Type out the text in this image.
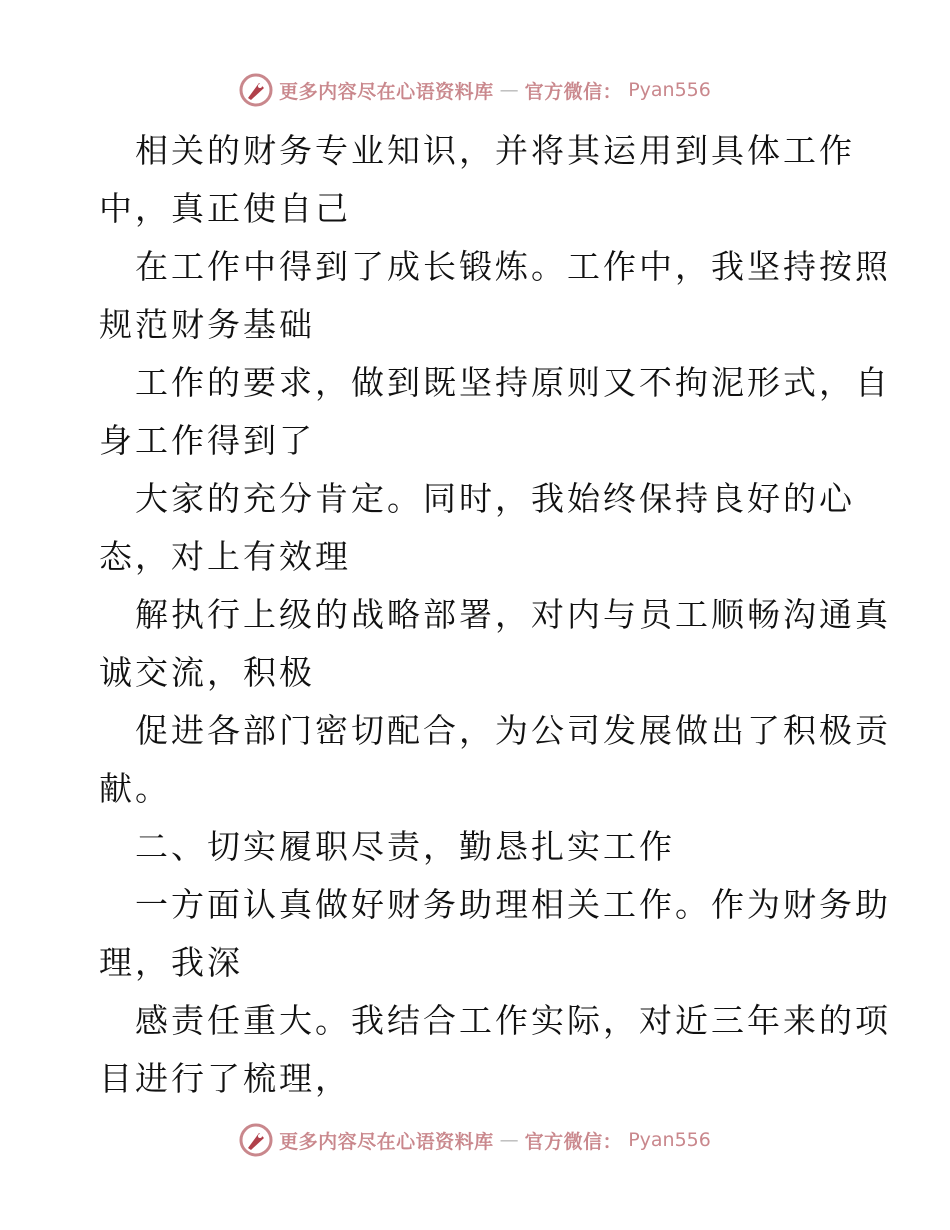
更多内容尽在心语资料库 — 官方微信： Pyan556
相关的财务专业知识，并将其运用到具体工作
中，真正使自己
在工作中得到了成长锻炼。工作中，我坚持按照
规范财务基础
工作的要求，做到既坚持原则又不拘泥形式，自
身工作得到了
大家的充分肯定。同时，我始终保持良好的心
态，对上有效理
解执行上级的战略部署，对内与员工顺畅沟通真
诚交流，积极
促进各部门密切配合，为公司发展做出了积极贡
献。
二、切实履职尽责，勤恳扎实工作
一方面认真做好财务助理相关工作。作为财务助
理，我深
感责任重大。我结合工作实际，对近三年来的项
目进行了梳理，
更多内容尽在心语资料库 — 官方微信： Pyan556
